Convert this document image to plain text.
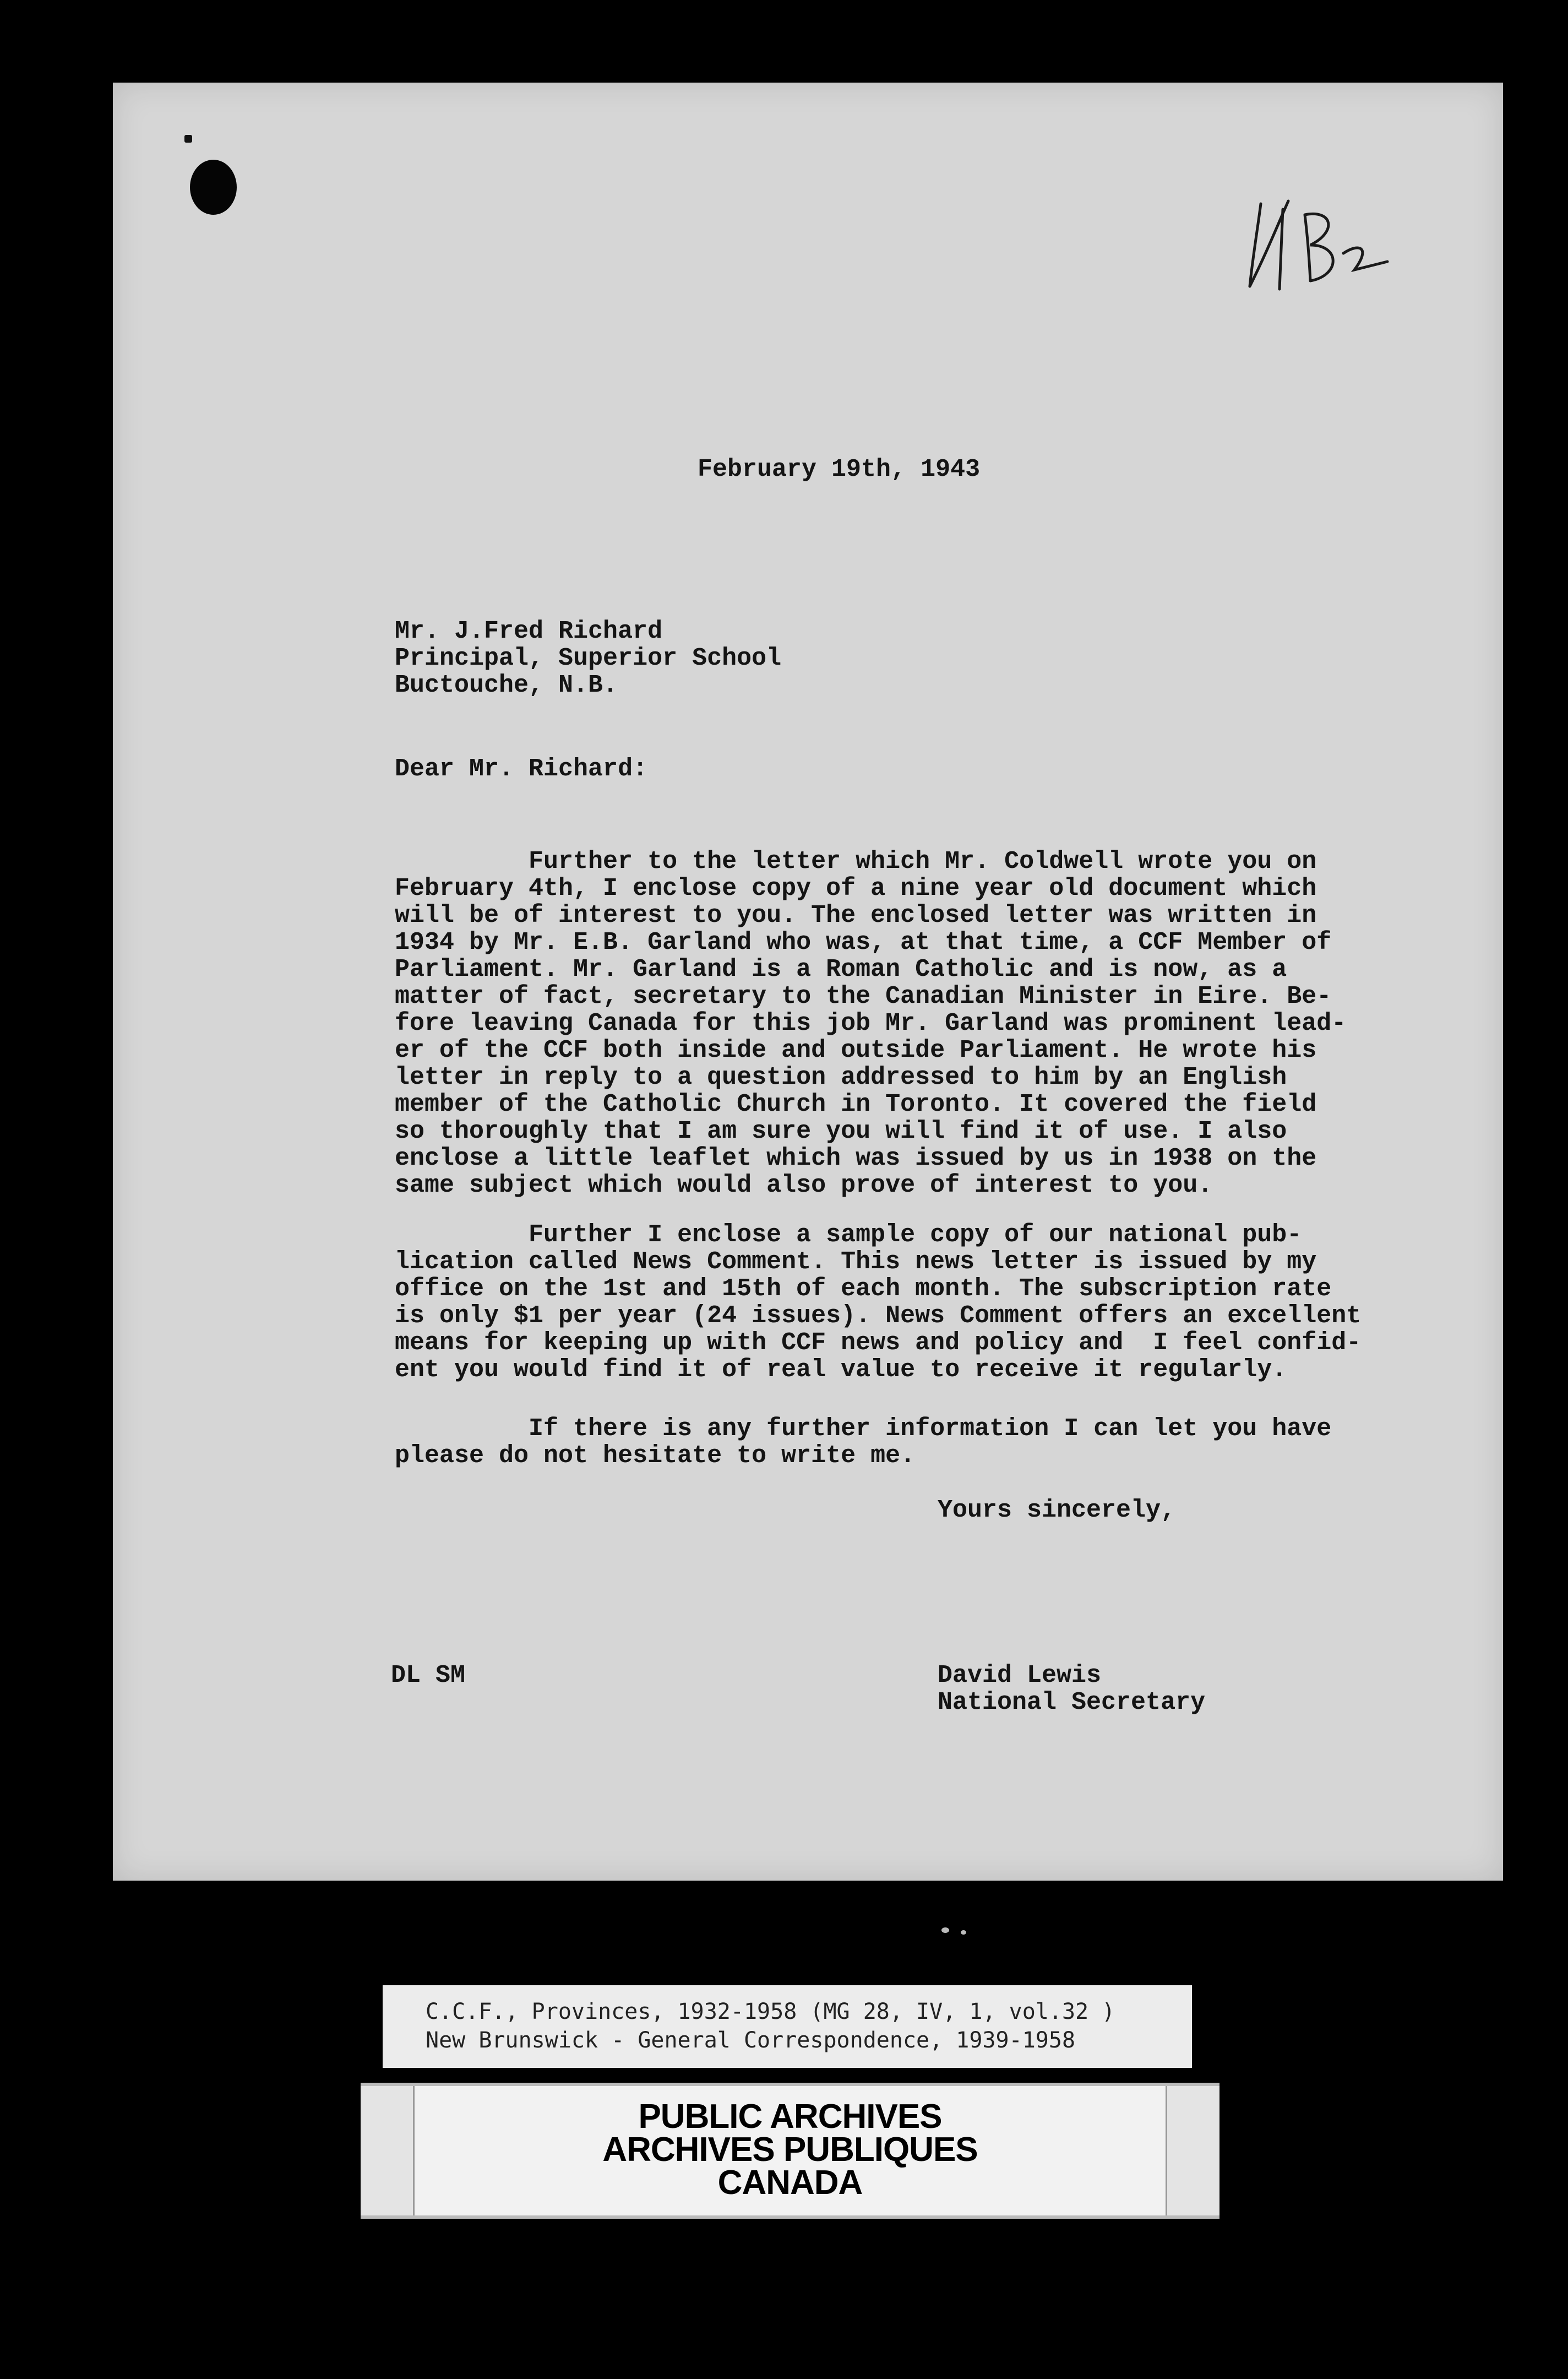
February 19th, 1943

Mr. J.Fred Richard
Principal, Superior School
Buctouche, N.B.

Dear Mr. Richard:

Further to the letter which Mr. Coldwell wrote you on
February 4th, I enclose copy of a nine year old document which
will be of interest to you. The enclosed letter was written in
1934 by Mr. E.B. Garland who was, at that time, a CCF Member of
Parliament. Mr. Garland is a Roman Catholic and is now, as a
matter of fact, secretary to the Canadian Minister in Eire. Be-
fore leaving Canada for this job Mr. Garland was prominent lead-
er of the CCF both inside and outside Parliament. He wrote his
letter in reply to a question addressed to him by an English
member of the Catholic Church in Toronto. It covered the field
so thoroughly that I am sure you will find it of use. I also
enclose a little leaflet which was issued by us in 1938 on the
same subject which would also prove of interest to you.
Further I enclose a sample copy of our national pub-
lication called News Comment. This news letter is issued by my
office on the 1st and 15th of each month. The subscription rate
is only $1 per year (24 issues). News Comment offers an excellent
means for keeping up with CCF news and policy and  I feel confid-
ent you would find it of real value to receive it regularly.
If there is any further information I can let you have
please do not hesitate to write me.

Yours sincerely,

DL SM	David Lewis
National Secretary
C.C.F., Provinces, 1932-1958 (MG 28, IV, 1, vol.32 )
New Brunswick - General Correspondence, 1939-1958
PUBLIC ARCHIVES
ARCHIVES PUBLIQUES
CANADA
